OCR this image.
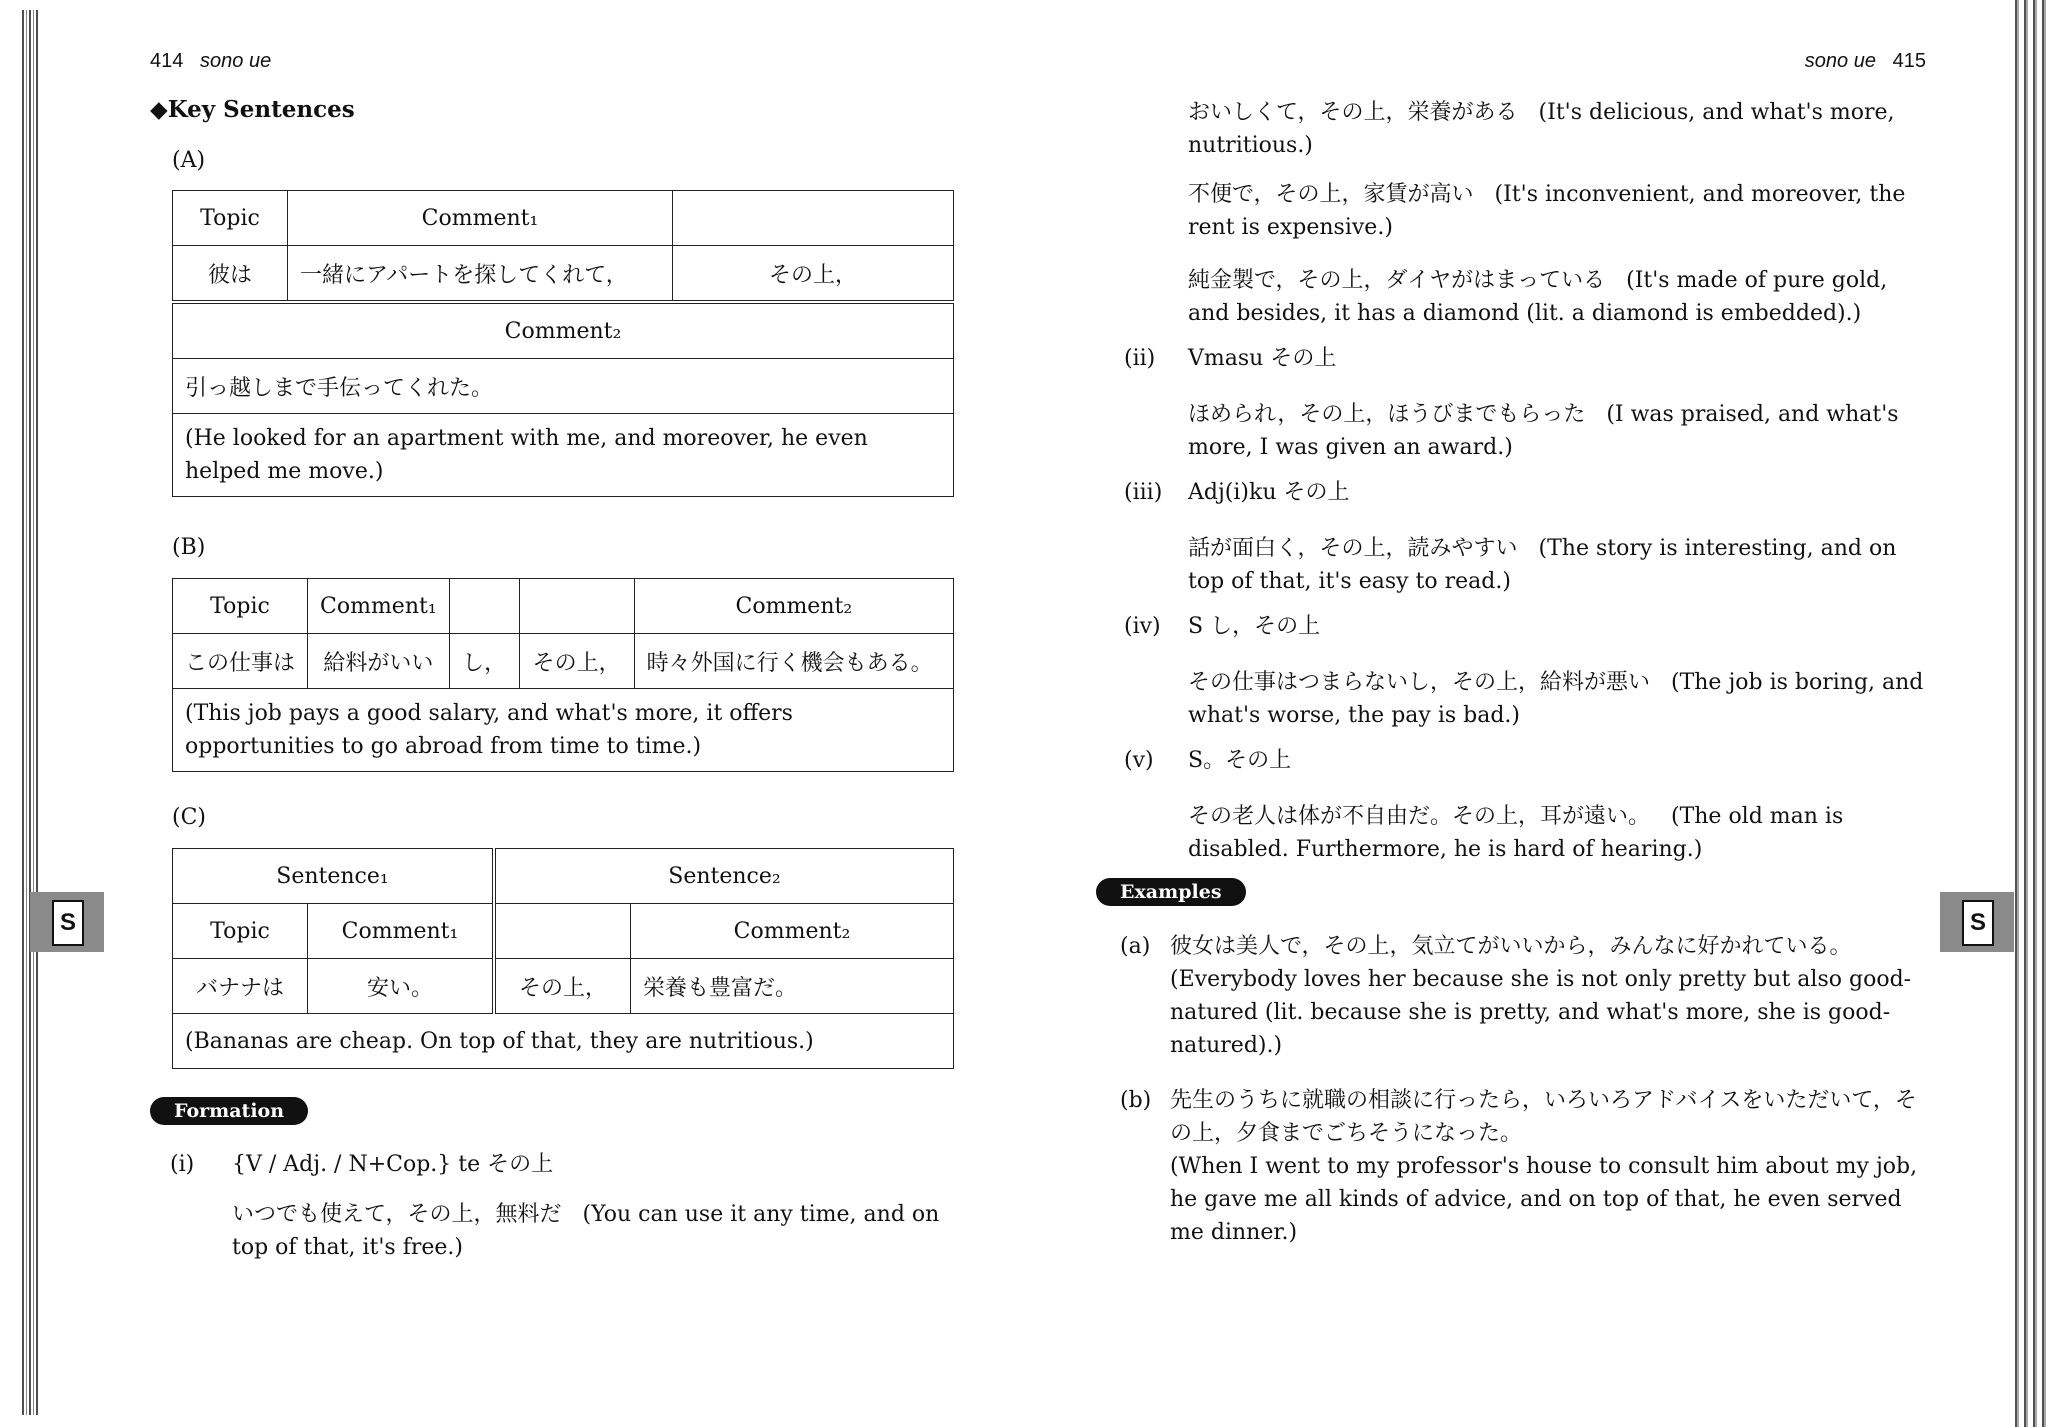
414 sono ue
◆Key Sentences
(A)
Topic	Comment₁	
彼は	一緒にアパートを探してくれて，	その上，
Comment₂		
引っ越しまで手伝ってくれた。		
(He looked for an apartment with me, and moreover, he even helped me move.)		
(B)
Topic	Comment₁			Comment₂
この仕事は	給料がいい	し，	その上，	時々外国に行く機会もある。
(This job pays a good salary, and what's more, it offers opportunities to go abroad from time to time.)				
(C)
Sentence₁		Sentence₂	
Topic	Comment₁		Comment₂
バナナは	安い。	その上，	栄養も豊富だ。
(Bananas are cheap. On top of that, they are nutritious.)			
Formation
(i) {V / Adj. / N+Cop.} te その上
いつでも使えて，その上，無料だ (You can use it any time, and on top of that, it's free.)
S
sono ue 415
おいしくて，その上，栄養がある (It's delicious, and what's more, nutritious.)
不便で，その上，家賃が高い (It's inconvenient, and moreover, the rent is expensive.)
純金製で，その上，ダイヤがはまっている (It's made of pure gold, and besides, it has a diamond (lit. a diamond is embedded).)
(ii) Vmasu その上
ほめられ，その上，ほうびまでもらった (I was praised, and what's more, I was given an award.)
(iii) Adj(i)ku その上
話が面白く，その上，読みやすい (The story is interesting, and on top of that, it's easy to read.)
(iv) S し，その上
その仕事はつまらないし，その上，給料が悪い (The job is boring, and what's worse, the pay is bad.)
(v) S。その上
その老人は体が不自由だ。その上，耳が遠い。 (The old man is disabled. Furthermore, he is hard of hearing.)
Examples
(a) 彼女は美人で，その上，気立てがいいから，みんなに好かれている。
(Everybody loves her because she is not only pretty but also good-natured (lit. because she is pretty, and what's more, she is good-natured).)
(b) 先生のうちに就職の相談に行ったら，いろいろアドバイスをいただいて，その上，夕食までごちそうになった。
(When I went to my professor's house to consult him about my job, he gave me all kinds of advice, and on top of that, he even served me dinner.)
S
